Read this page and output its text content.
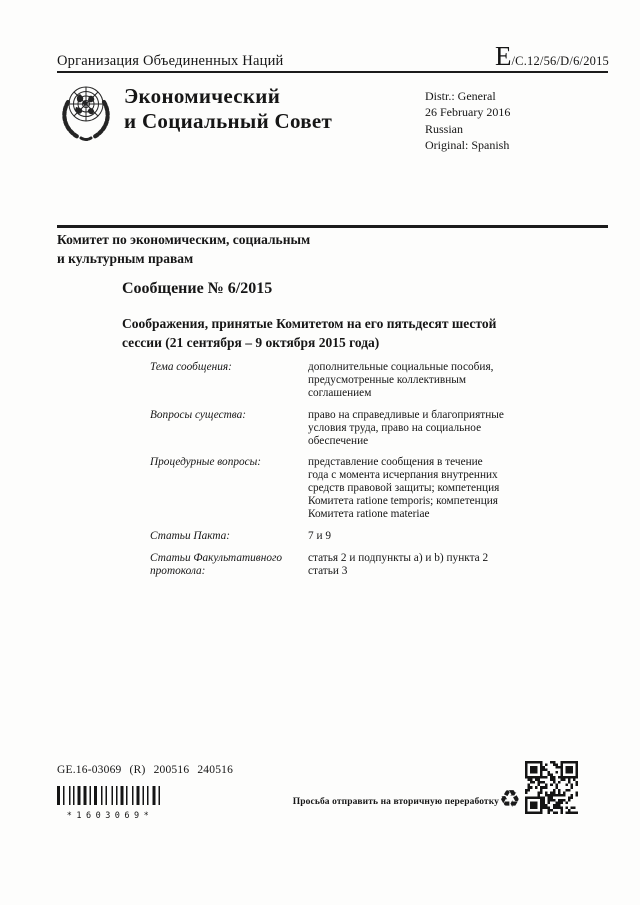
Организация Объединенных Наций	E /C.12/56/D/6/2015
Экономический
и Социальный Совет
Distr.: General
26 February 2016
Russian
Original: Spanish
Комитет по экономическим, социальным
и культурным правам
Сообщение № 6/2015
Соображения, принятые Комитетом на его пятьдесят шестой сессии (21 сентября – 9 октября 2015 года)
Тема сообщения:	дополнительные социальные пособия, предусмотренные коллективным соглашением
Вопросы существа:	право на справедливые и благоприятные условия труда, право на социальное обеспечение
Процедурные вопросы:	представление сообщения в течение года с момента исчерпания внутренних средств правовой защиты; компетенция Комитета ratione temporis; компетенция Комитета ratione materiae
Статьи Пакта:	7 и 9
Статьи Факультативного протокола:
статья 2 и подпункты a) и b) пункта 2 статьи 3
GE.16-03069 (R) 200516 240516
*1603069*
Просьба отправить на вторичную переработку ♻
